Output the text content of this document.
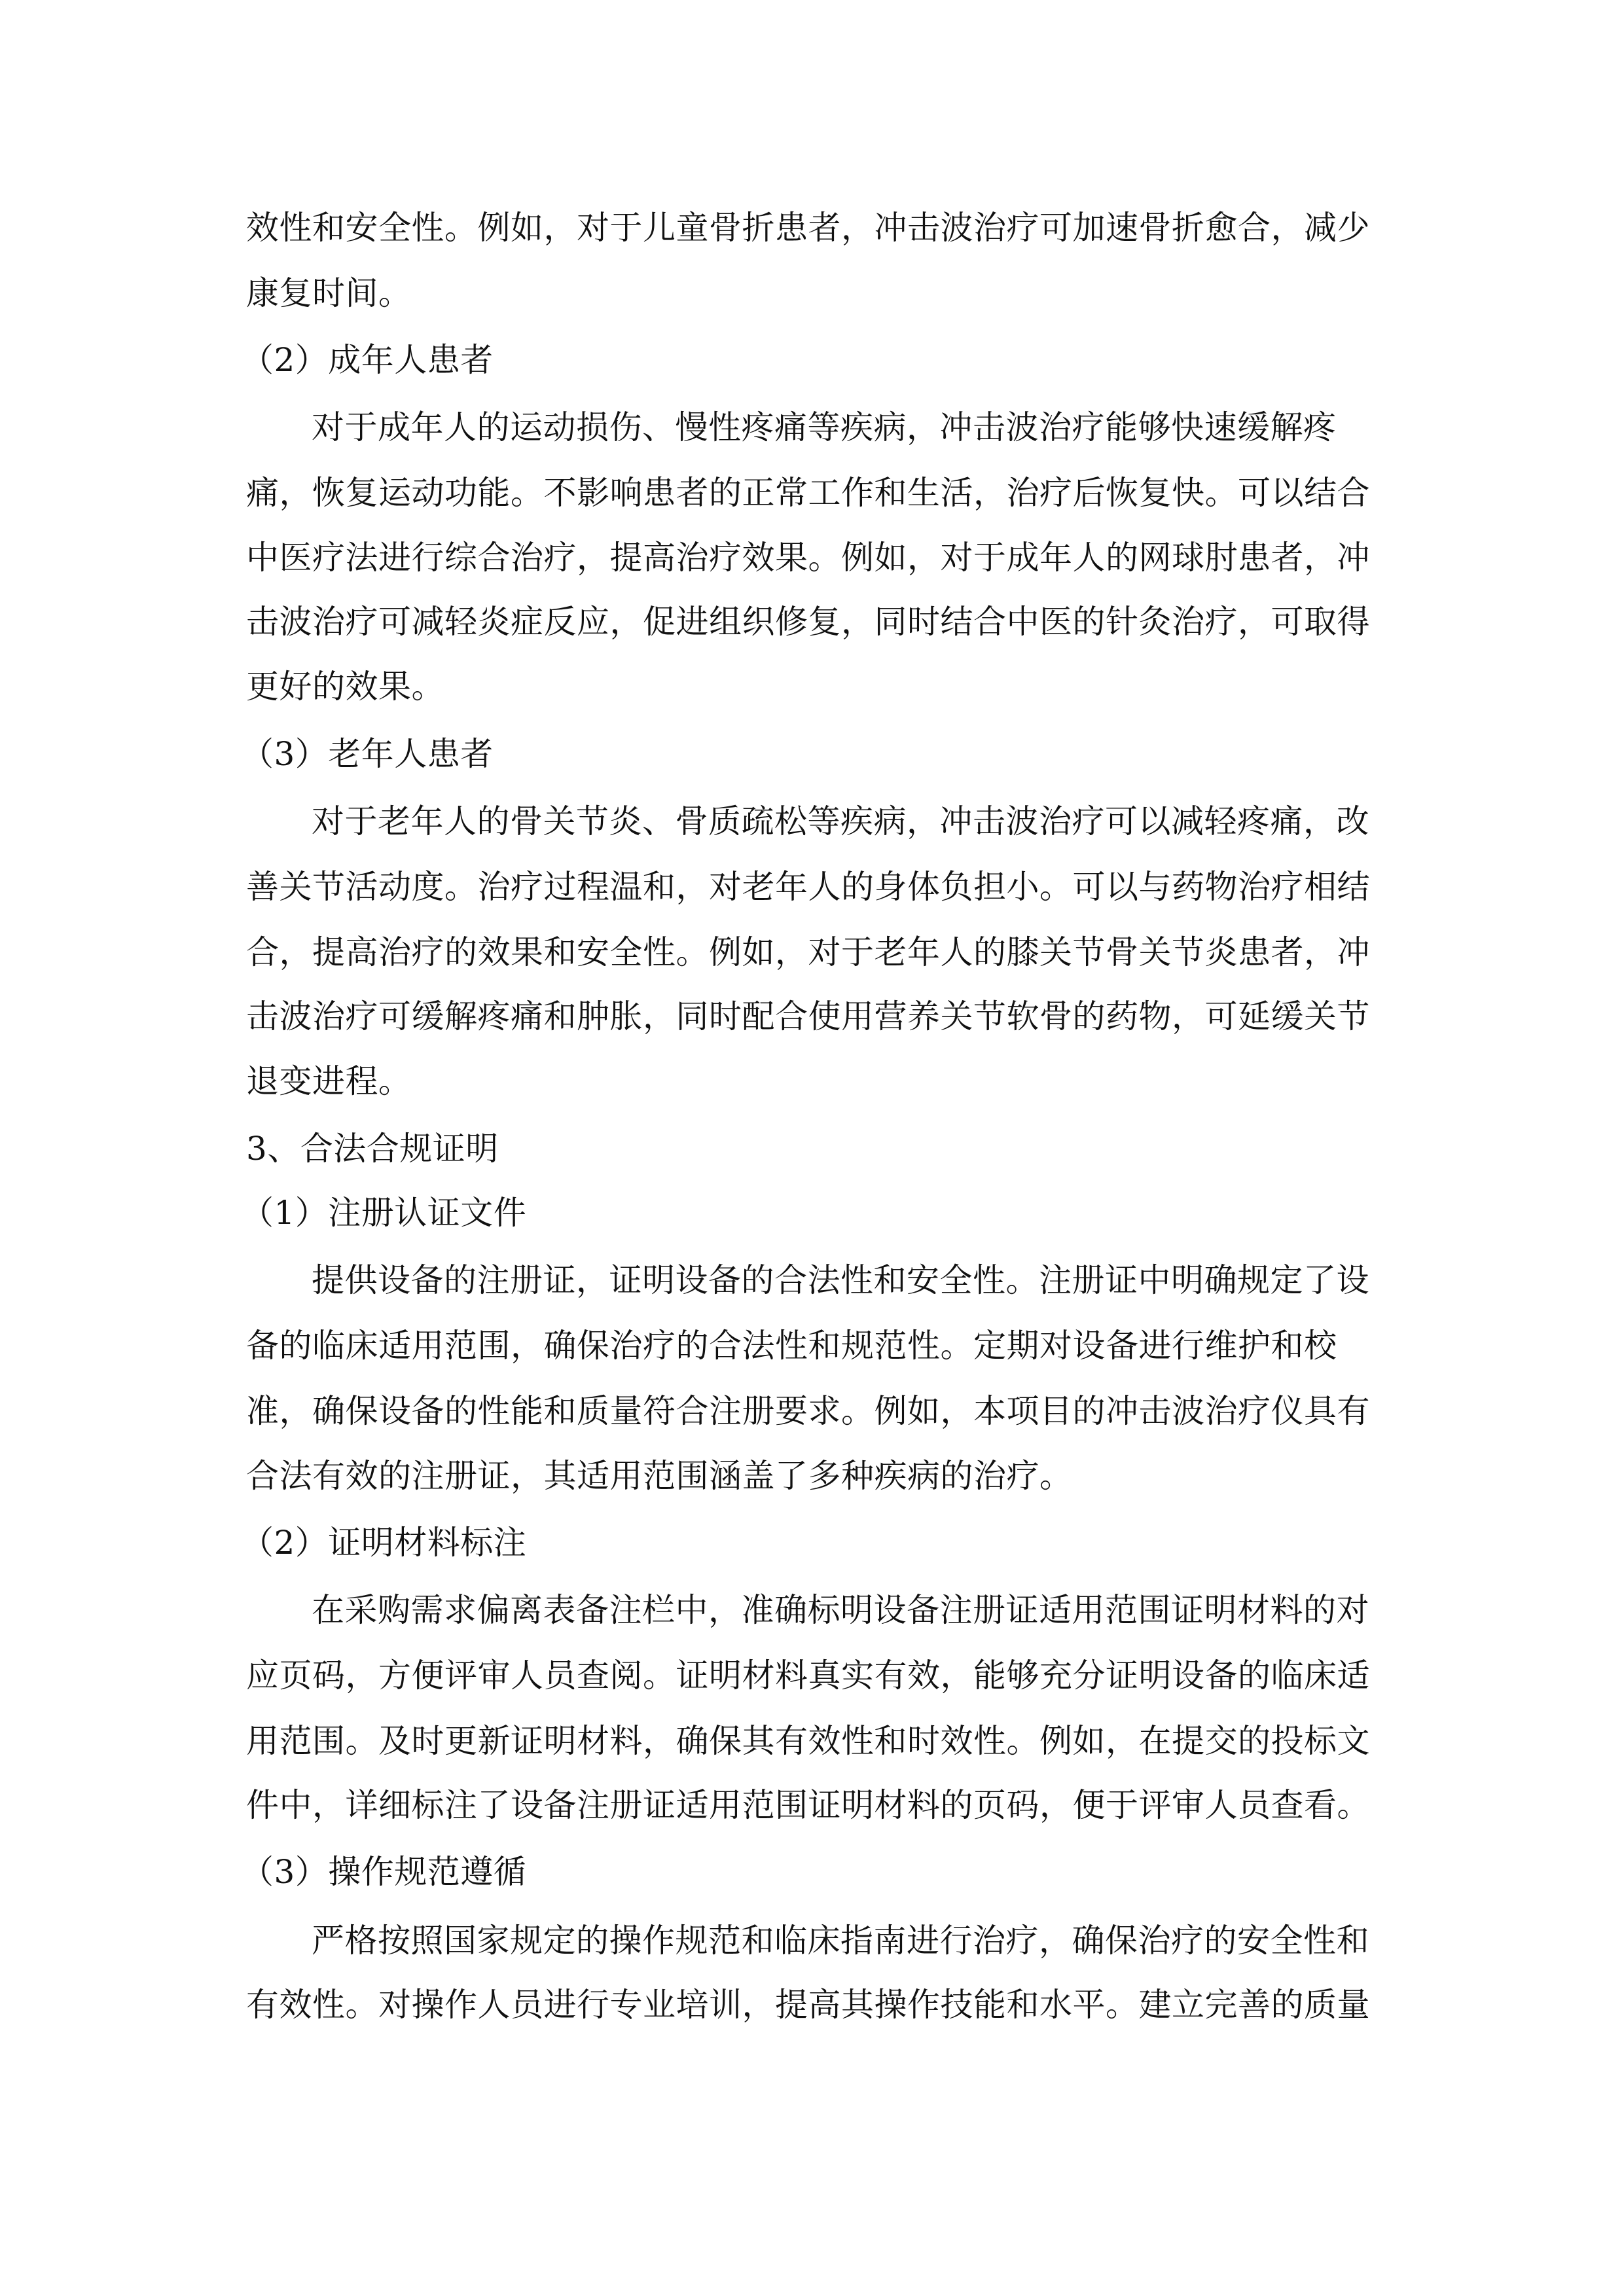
效性和安全性。例如，对于儿童骨折患者，冲击波治疗可加速骨折愈合，减少
康复时间。
（2）成年人患者
对于成年人的运动损伤、慢性疼痛等疾病，冲击波治疗能够快速缓解疼
痛，恢复运动功能。不影响患者的正常工作和生活，治疗后恢复快。可以结合
中医疗法进行综合治疗，提高治疗效果。例如，对于成年人的网球肘患者，冲
击波治疗可减轻炎症反应，促进组织修复，同时结合中医的针灸治疗，可取得
更好的效果。
（3）老年人患者
对于老年人的骨关节炎、骨质疏松等疾病，冲击波治疗可以减轻疼痛，改
善关节活动度。治疗过程温和，对老年人的身体负担小。可以与药物治疗相结
合，提高治疗的效果和安全性。例如，对于老年人的膝关节骨关节炎患者，冲
击波治疗可缓解疼痛和肿胀，同时配合使用营养关节软骨的药物，可延缓关节
退变进程。
3、合法合规证明
（1）注册认证文件
提供设备的注册证，证明设备的合法性和安全性。注册证中明确规定了设
备的临床适用范围，确保治疗的合法性和规范性。定期对设备进行维护和校
准，确保设备的性能和质量符合注册要求。例如，本项目的冲击波治疗仪具有
合法有效的注册证，其适用范围涵盖了多种疾病的治疗。
（2）证明材料标注
在采购需求偏离表备注栏中，准确标明设备注册证适用范围证明材料的对
应页码，方便评审人员查阅。证明材料真实有效，能够充分证明设备的临床适
用范围。及时更新证明材料，确保其有效性和时效性。例如，在提交的投标文
件中，详细标注了设备注册证适用范围证明材料的页码，便于评审人员查看。
（3）操作规范遵循
严格按照国家规定的操作规范和临床指南进行治疗，确保治疗的安全性和
有效性。对操作人员进行专业培训，提高其操作技能和水平。建立完善的质量
